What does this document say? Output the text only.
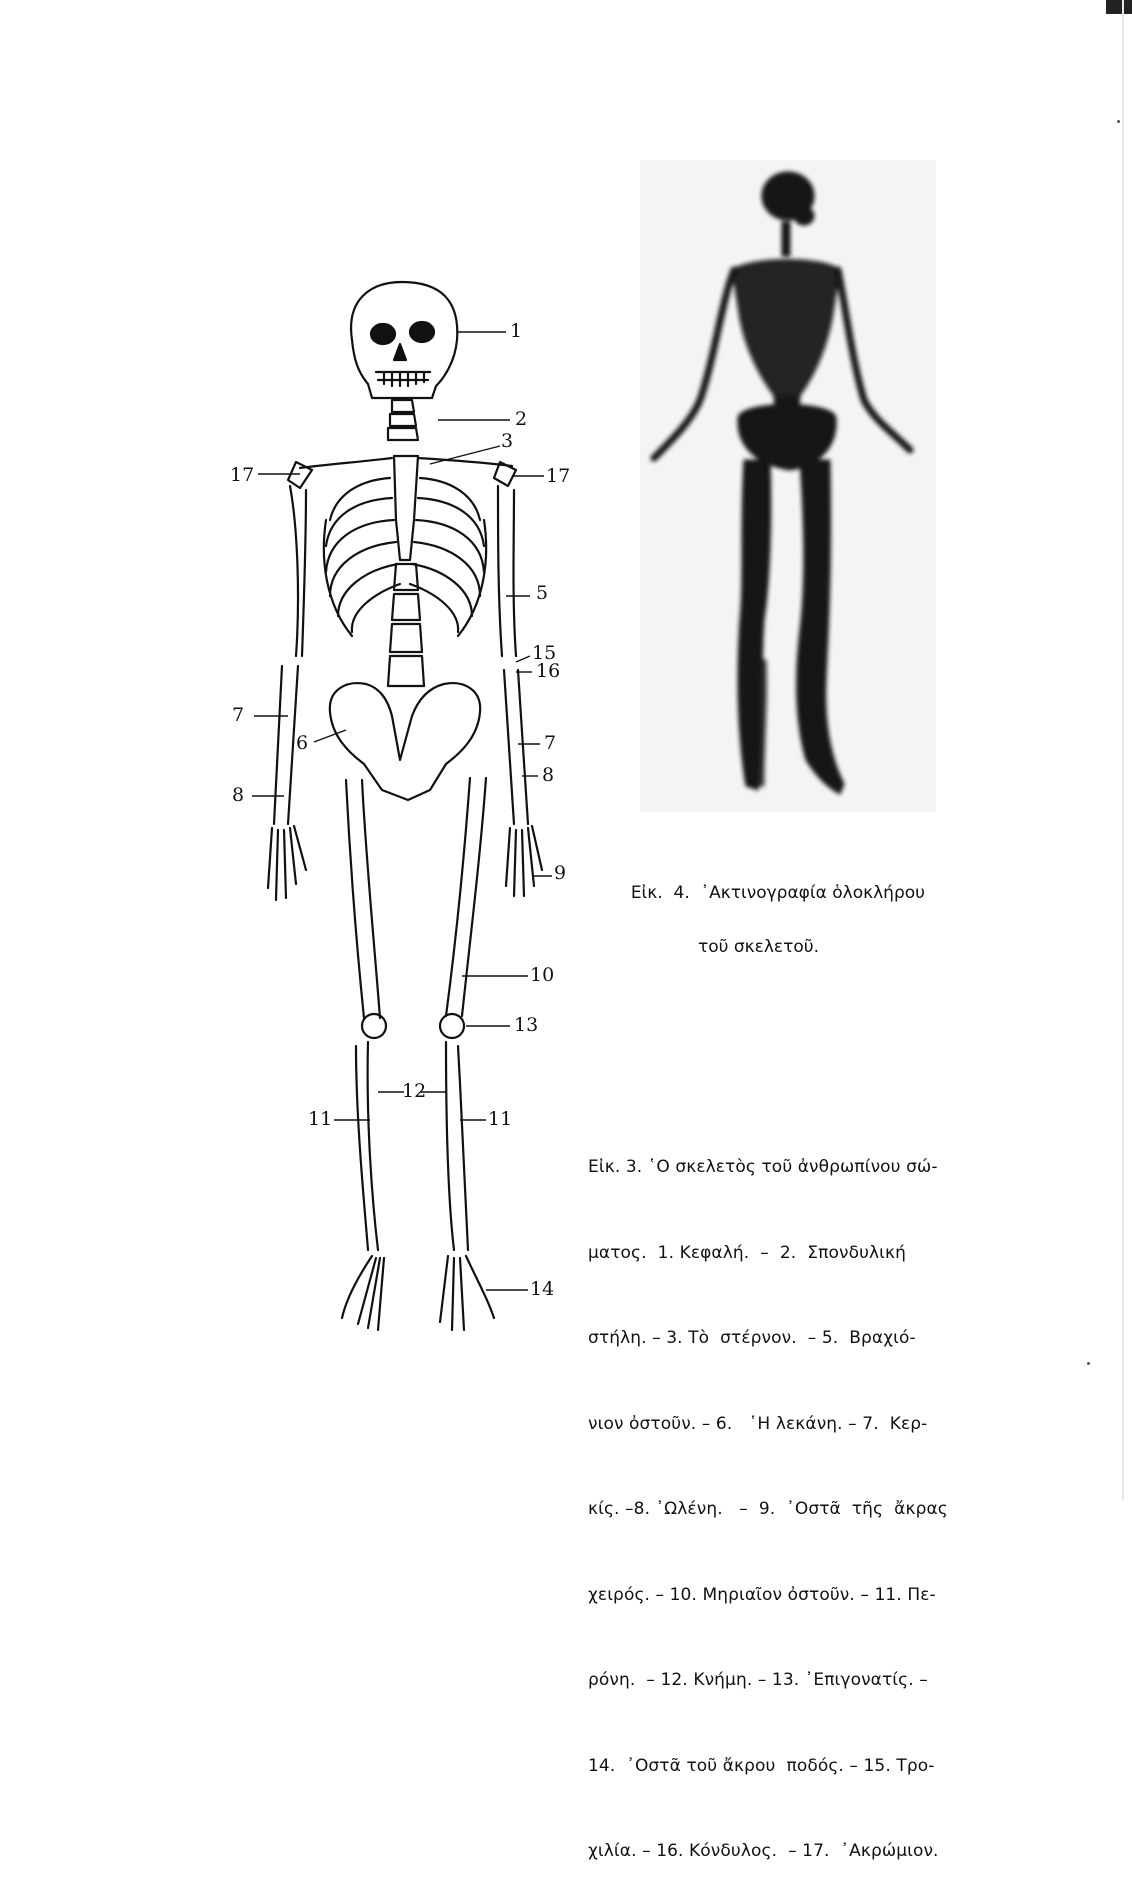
1
2
3
17	17
5
15
16
7
6	7
8
8
9
10
13
12
11	11
14

Εἰκ.  4.  ᾿Ακτινογραφία ὁλοκλήρου

τοῦ σκελετοῦ.

Εἰκ. 3. ῾Ο σκελετὸς τοῦ ἀνθρωπίνου σώ-

ματος.  1. Κεφαλή.  –  2.  Σπονδυλική

στήλη. – 3. Τὸ  στέρνον.  – 5.  Βραχιό-

νιον ὀστοῦν. – 6.   ῾Η λεκάνη. – 7.  Κερ-

κίς. –8. ᾿Ωλένη.   –  9.  ᾿Οστᾶ  τῆς  ἄκρας

χειρός. – 10. Μηριαῖον ὀστοῦν. – 11. Πε-

ρόνη.  – 12. Κνήμη. – 13. ᾿Επιγονατίς. –

14.  ᾿Οστᾶ τοῦ ἄκρου  ποδός. – 15. Τρο-

χιλία. – 16. Κόνδυλος.  – 17.  ᾿Ακρώμιον.
